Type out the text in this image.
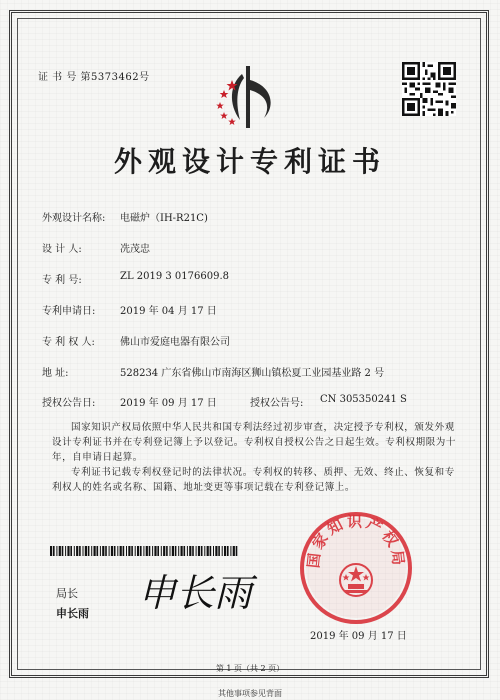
证 书 号 第5373462号
外观设计专利证书
外观设计名称: 电磁炉（IH-R21C)
设 计 人:	冼茂忠
专 利 号:	ZL 2019 3 0176609.8
专利申请日: 2019 年 04 月 17 日
专 利 权 人:	佛山市爱庭电器有限公司
地 址:	528234 广东省佛山市南海区狮山镇松夏工业园基业路 2 号
授权公告日: 2019 年 09 月 17 日	授权公告号: CN 305350241 S

国家知识产权局依照中华人民共和国专利法经过初步审查，决定授予专利权，颁发外观设计专利证书并在专利登记簿上予以登记。专利权自授权公告之日起生效。专利权期限为十年，自申请日起算。

专利证书记载专利权登记时的法律状况。专利权的转移、质押、无效、终止、恢复和专利权人的姓名或名称、国籍、地址变更等事项记载在专利登记簿上。

局长
申长雨 申长雨
国家知识产权局
2019 年 09 月 17 日
第 1 页（共 2 页）
其他事项参见背面
